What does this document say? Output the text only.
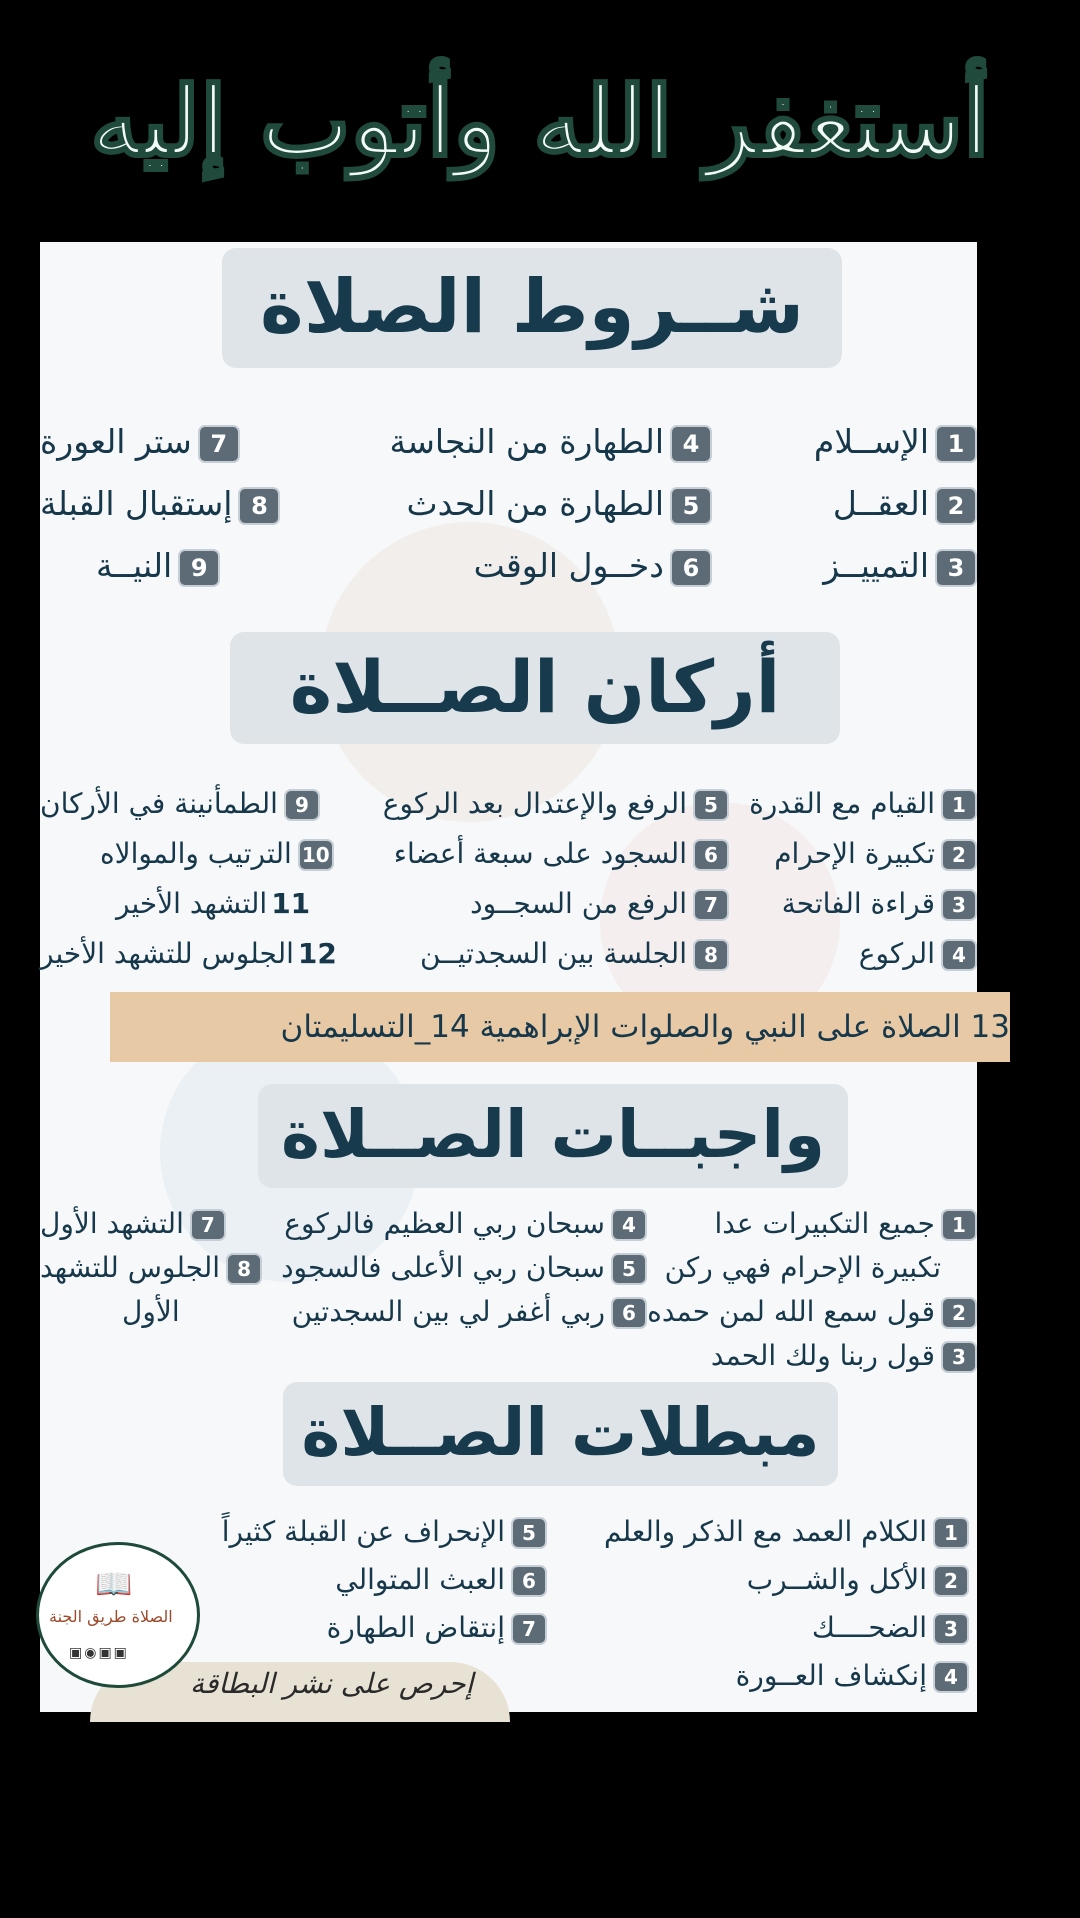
أستغفر الله وأتوب إليه
شــروط الصلاة
1الإســلام
2العقــل
3التمييــز
4الطهارة من النجاسة
5الطهارة من الحدث
6دخــول الوقت
7ستر العورة
8إستقبال القبلة
9النيــة
أركان الصــلاة
1القيام مع القدرة
2تكبيرة الإحرام
3قراءة الفاتحة
4الركوع
5الرفع والإعتدال بعد الركوع
6السجود على سبعة أعضاء
7الرفع من السجــود
8الجلسة بين السجدتيــن
9الطمأنينة في الأركان
10الترتيب والموالاه
11التشهد الأخير
12الجلوس للتشهد الأخير
13 الصلاة على النبي والصلوات الإبراهمية 14_التسليمتان
واجبــات الصــلاة
1جميع التكبيرات عدا
تكبيرة الإحرام فهي ركن
2قول سمع الله لمن حمده
3قول ربنا ولك الحمد
4سبحان ربي العظيم فالركوع
5سبحان ربي الأعلى فالسجود
6ربي أغفر لي بين السجدتين
7التشهد الأول
8الجلوس للتشهد
الأول
مبطلات الصــلاة
1الكلام العمد مع الذكر والعلم
2الأكل والشــرب
3الضحــــك
4إنكشاف العــورة
5الإنحراف عن القبلة كثيراً
6العبث المتوالي
7إنتقاض الطهارة
إحرص على نشر البطاقة
📖
الصلاة طريق الجنة
▣▣◉▣
